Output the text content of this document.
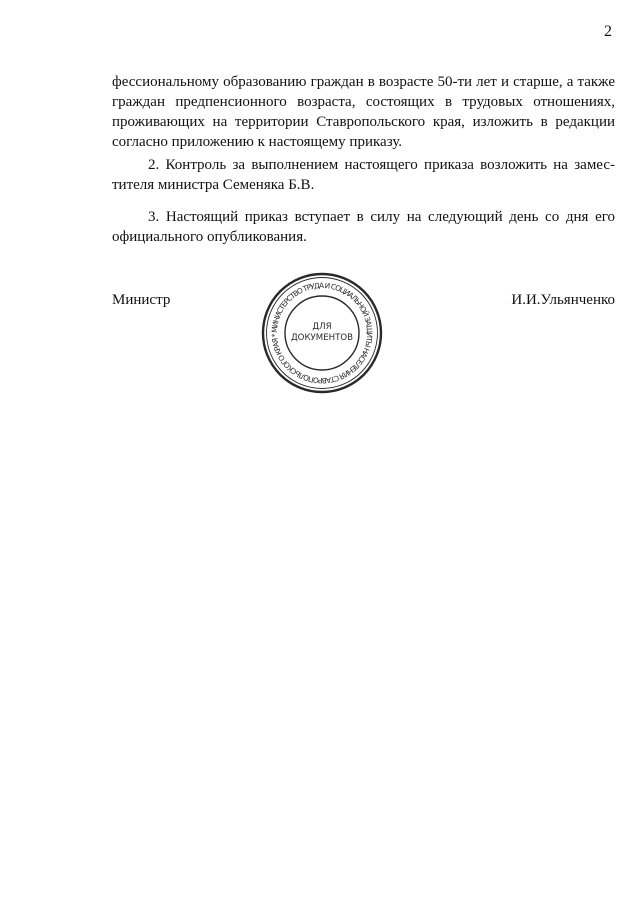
2
фессиональному образованию граждан в возрасте 50-ти лет и старше, а также
граждан предпенсионного возраста, состоящих в трудовых отношениях,
проживающих на территории Ставропольского края, изложить в редакции
согласно приложению к настоящему приказу.
2. Контроль за выполнением настоящего приказа возложить на замес-
тителя министра Семеняка Б.В.
3. Настоящий приказ вступает в силу на следующий день со дня его
официального опубликования.
Министр	И.И.Ульянченко
МИНИСТЕРСТВО ТРУДА И СОЦИАЛЬНОЙ ЗАЩИТЫ НАСЕЛЕНИЯ СТАВРОПОЛЬСКОГО КРАЯ *
ДЛЯ
ДОКУМЕНТОВ
